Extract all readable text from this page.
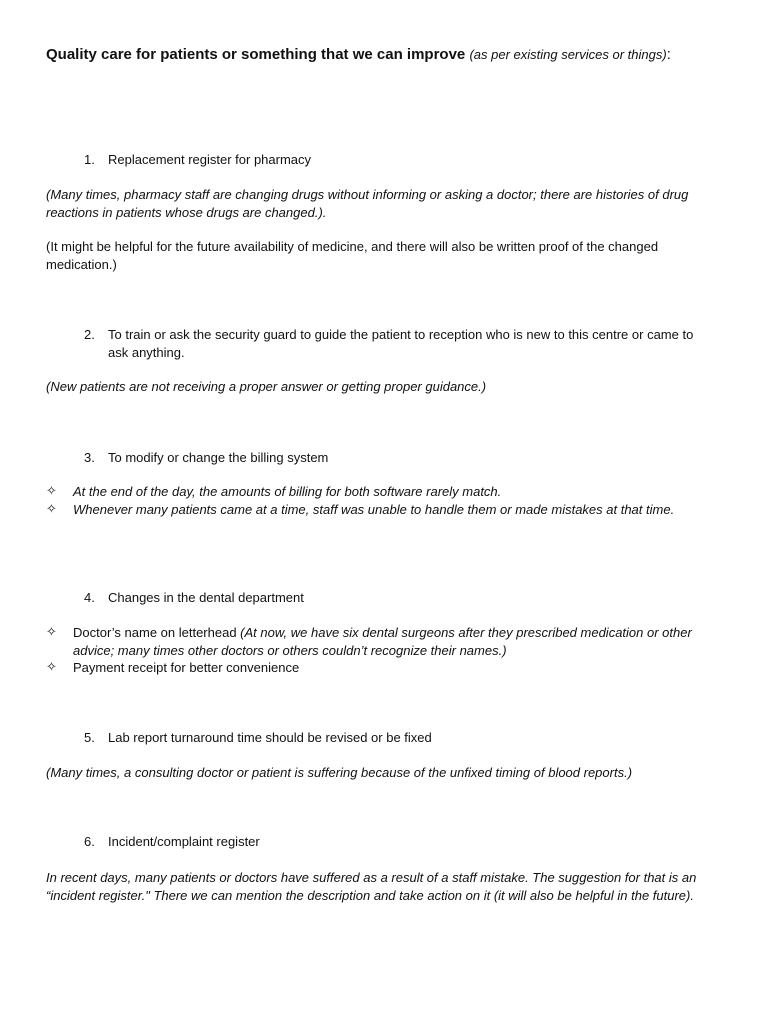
Quality care for patients or something that we can improve (as per existing services or things):
1.	Replacement register for pharmacy
(Many times, pharmacy staff are changing drugs without informing or asking a doctor; there are histories of drug reactions in patients whose drugs are changed.).
(It might be helpful for the future availability of medicine, and there will also be written proof of the changed medication.)
2.	To train or ask the security guard to guide the patient to reception who is new to this centre or came to ask anything.
(New patients are not receiving a proper answer or getting proper guidance.)
3.	To modify or change the billing system
✧	At the end of the day, the amounts of billing for both software rarely match.
✧	Whenever many patients came at a time, staff was unable to handle them or made mistakes at that time.
4.	Changes in the dental department
✧	Doctor’s name on letterhead (At now, we have six dental surgeons after they prescribed medication or other advice; many times other doctors or others couldn’t recognize their names.)
✧	Payment receipt for better convenience
5.	Lab report turnaround time should be revised or be fixed
(Many times, a consulting doctor or patient is suffering because of the unfixed timing of blood reports.)
6.	Incident/complaint register
In recent days, many patients or doctors have suffered as a result of a staff mistake. The suggestion for that is an “incident register." There we can mention the description and take action on it (it will also be helpful in the future).
